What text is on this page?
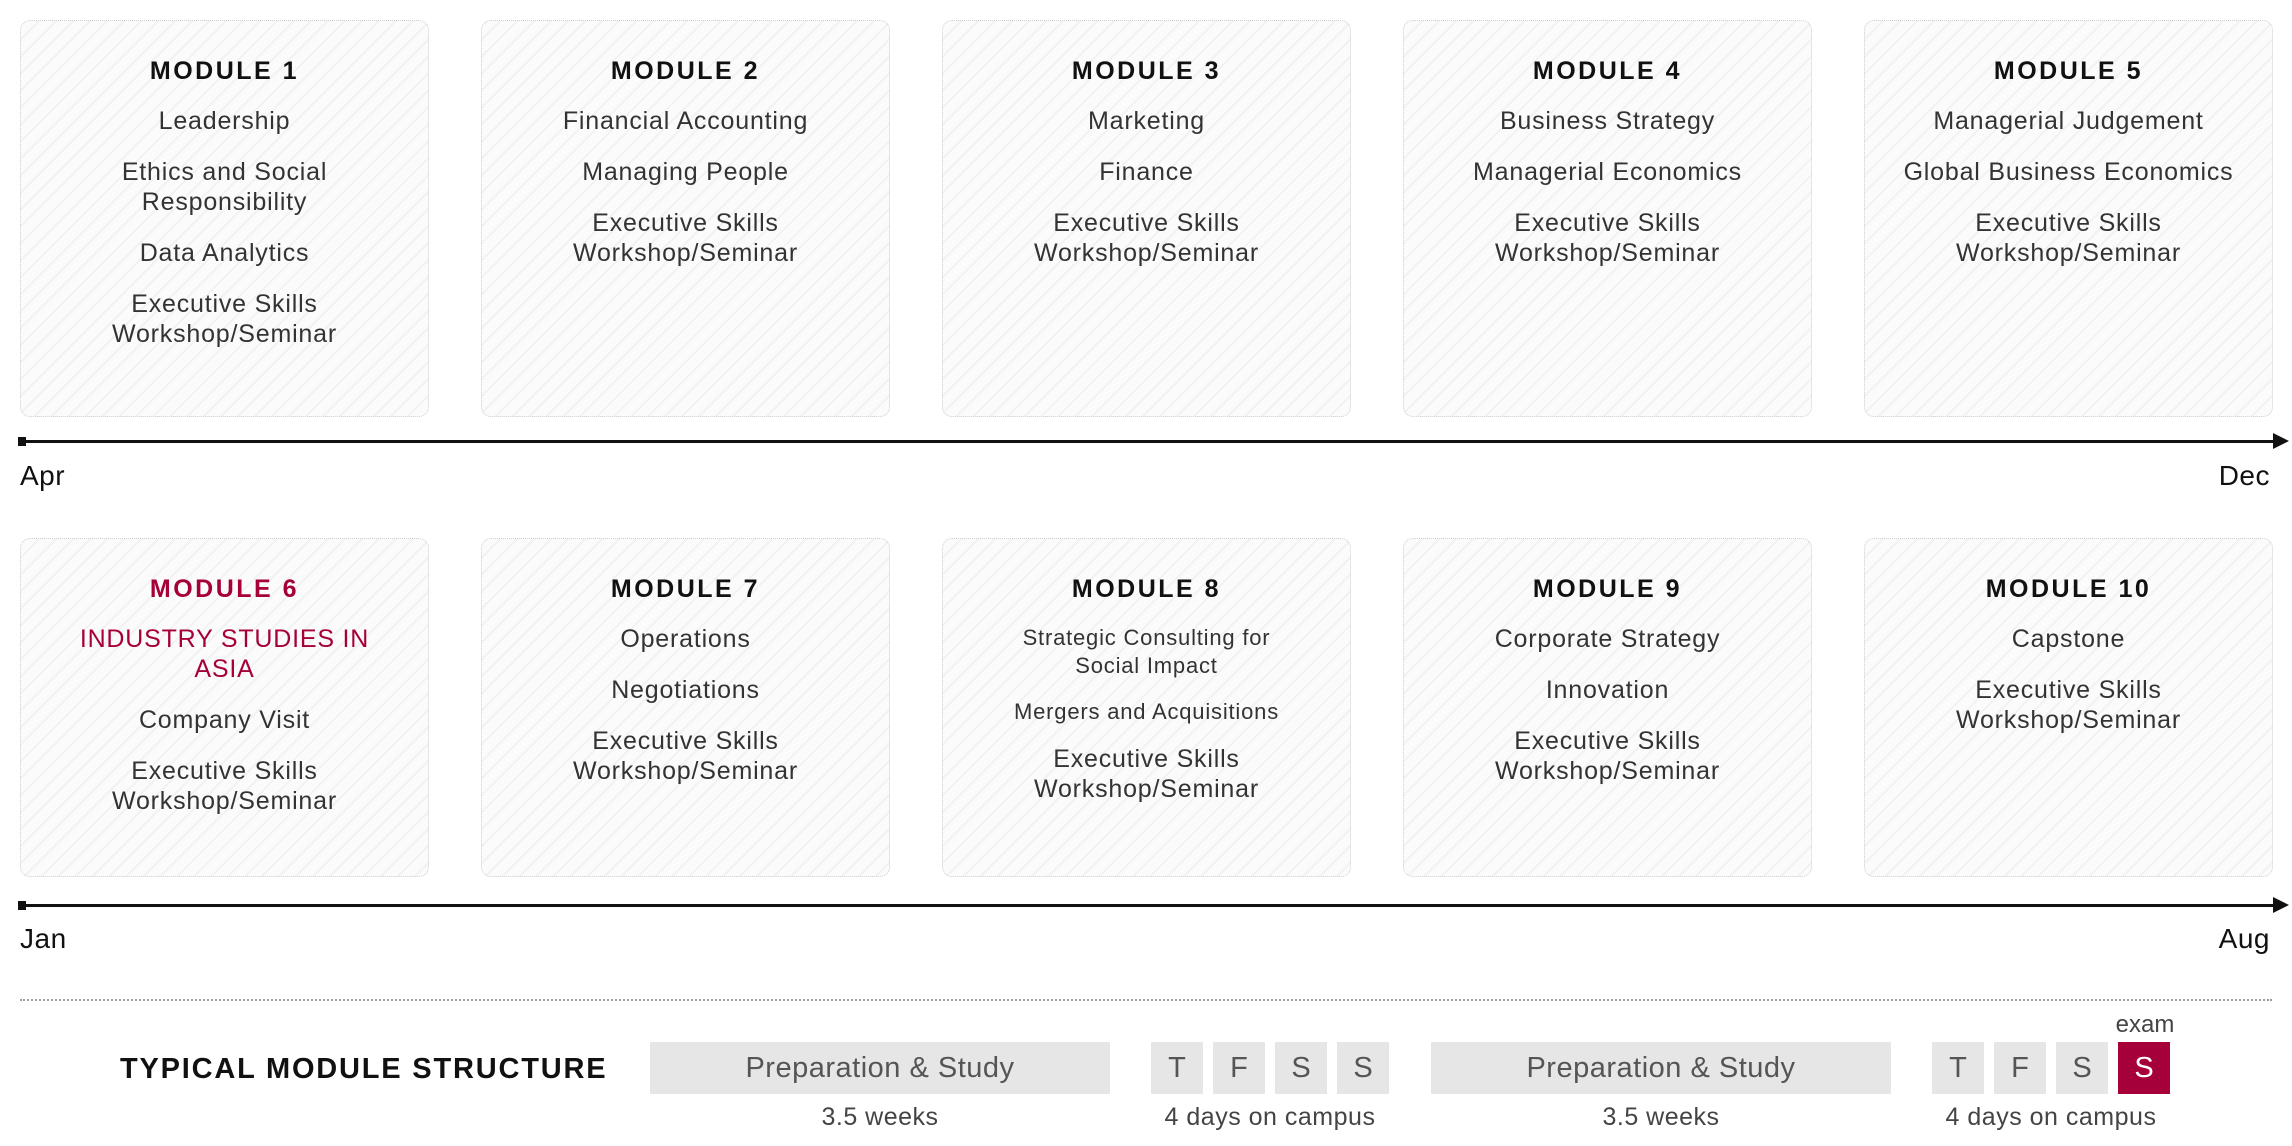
MODULE 1
Leadership
Ethics and Social Responsibility
Data Analytics
Executive Skills Workshop/Seminar
MODULE 2
Financial Accounting
Managing People
Executive Skills Workshop/Seminar
MODULE 3
Marketing
Finance
Executive Skills Workshop/Seminar
MODULE 4
Business Strategy
Managerial Economics
Executive Skills Workshop/Seminar
MODULE 5
Managerial Judgement
Global Business Economics
Executive Skills Workshop/Seminar
Apr	Dec
MODULE 6
INDUSTRY STUDIES IN ASIA
Company Visit
Executive Skills Workshop/Seminar
MODULE 7
Operations
Negotiations
Executive Skills Workshop/Seminar
MODULE 8
Strategic Consulting for Social Impact
Mergers and Acquisitions
Executive Skills Workshop/Seminar
MODULE 9
Corporate Strategy
Innovation
Executive Skills Workshop/Seminar
MODULE 10
Capstone
Executive Skills Workshop/Seminar
Jan	Aug
TYPICAL MODULE STRUCTURE	Preparation & Study
3.5 weeks
T	F	S	S
4 days on campus
Preparation & Study
3.5 weeks
exam
T	F	S	S
4 days on campus
